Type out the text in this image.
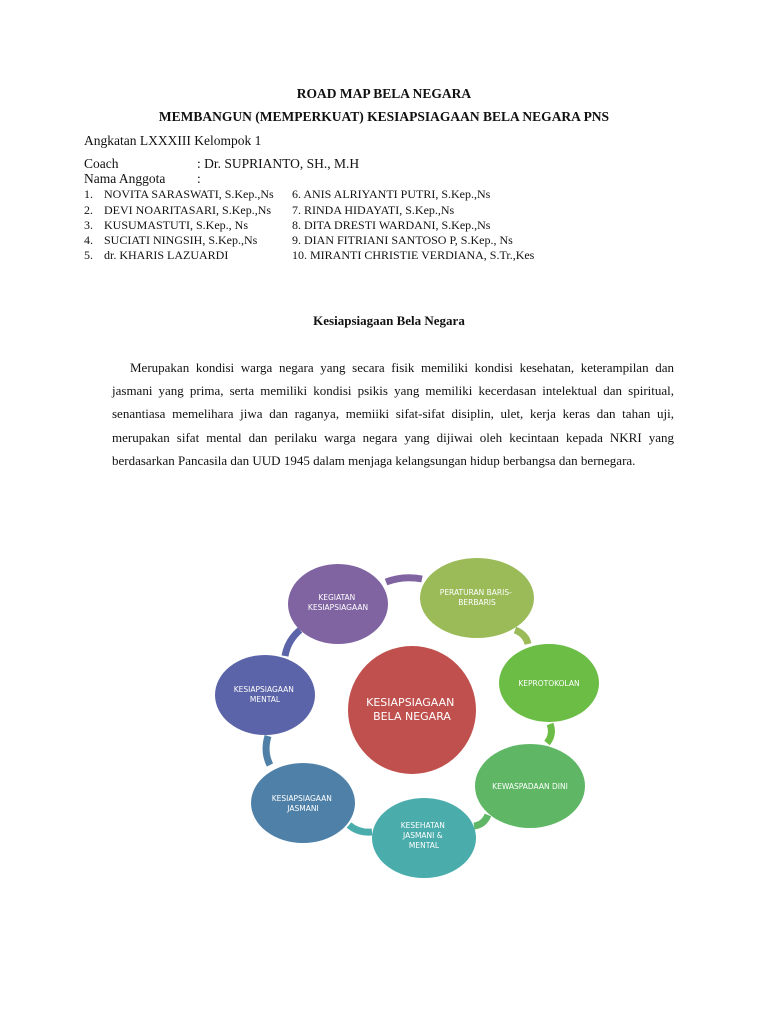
ROAD MAP BELA NEGARA
MEMBANGUN (MEMPERKUAT) KESIAPSIAGAAN BELA NEGARA PNS
Angkatan LXXXIII Kelompok 1
Coach	: Dr. SUPRIANTO, SH., M.H
Nama Anggota :
1. NOVITA SARASWATI, S.Kep.,Ns
2. DEVI NOARITASARI, S.Kep.,Ns
3. KUSUMASTUTI, S.Kep., Ns
4. SUCIATI NINGSIH, S.Kep.,Ns
5. dr. KHARIS LAZUARDI
6. ANIS ALRIYANTI PUTRI, S.Kep.,Ns
7. RINDA HIDAYATI, S.Kep.,Ns
8. DITA DRESTI WARDANI, S.Kep.,Ns
9. DIAN FITRIANI SANTOSO P, S.Kep., Ns
10. MIRANTI CHRISTIE VERDIANA, S.Tr.,Kes
Kesiapsiagaan Bela Negara

Merupakan kondisi warga negara yang secara fisik memiliki kondisi kesehatan, keterampilan dan jasmani yang prima, serta memiliki kondisi psikis yang memiliki kecerdasan intelektual dan spiritual, senantiasa memelihara jiwa dan raganya, memiiki sifat-sifat disiplin, ulet, kerja keras dan tahan uji, merupakan sifat mental dan perilaku warga negara yang dijiwai oleh kecintaan kepada NKRI yang berdasarkan Pancasila dan UUD 1945 dalam menjaga kelangsungan hidup berbangsa dan bernegara.

KESIAPSIAGAAN BELA NEGARA
KEGIATAN KESIAPSIAGAAN
PERATURAN BARIS- BERBARIS
KEPROTOKOLAN
KEWASPADAAN DINI
KESEHATAN JASMANI & MENTAL
KESIAPSIAGAAN JASMANI
KESIAPSIAGAAN MENTAL
